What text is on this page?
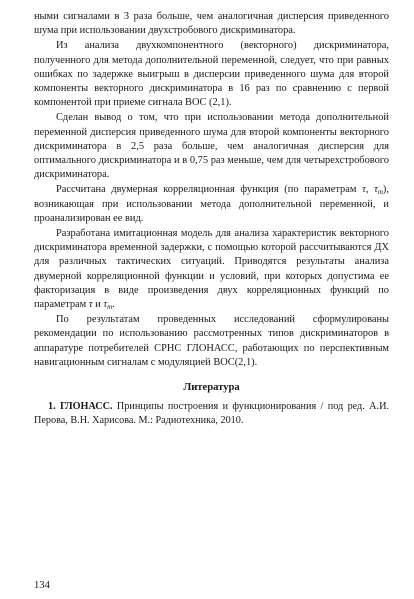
ными сигналами в 3 раза больше, чем аналогичная дисперсия приведенного шума при использовании двухстробового дискриминатора.

Из анализа двухкомпонентного (векторного) дискриминатора, полученного для метода дополнительной переменной, следует, что при равных ошибках по задержке выигрыш в дисперсии приведенного шума для второй компоненты векторного дискриминатора в 16 раз по сравнению с первой компонентой при приеме сигнала BOC (2,1).

Сделан вывод о том, что при использовании метода дополнительной переменной дисперсия приведенного шума для второй компоненты векторного дискриминатора в 2,5 раза больше, чем аналогичная дисперсия для оптимального дискриминатора и в 0,75 раз меньше, чем для четырехстробового дискриминатора.

Рассчитана двумерная корреляционная функция (по параметрам τ, $\tau_m$), возникающая при использовании метода дополнительной переменной, и проанализирован ее вид.

Разработана имитационная модель для анализа характеристик векторного дискриминатора временной задержки, с помощью которой рассчитываются ДХ для различных тактических ситуаций. Приводятся результаты анализа двумерной корреляционной функции и условий, при которых допустима ее факторизация в виде произведения двух корреляционных функций по параметрам τ и $\tau_m$.

По результатам проведенных исследований сформулированы рекомендации по использованию рассмотренных типов дискриминаторов в аппаратуре потребителей СРНС ГЛОНАСС, работающих по перспективным навигационным сигналам с модуляцией BOC(2,1).

Литература

1. ГЛОНАСС. Принципы построения и функционирования / под ред. А.И. Перова, В.Н. Харисова. М.: Радиотехника, 2010.

134
